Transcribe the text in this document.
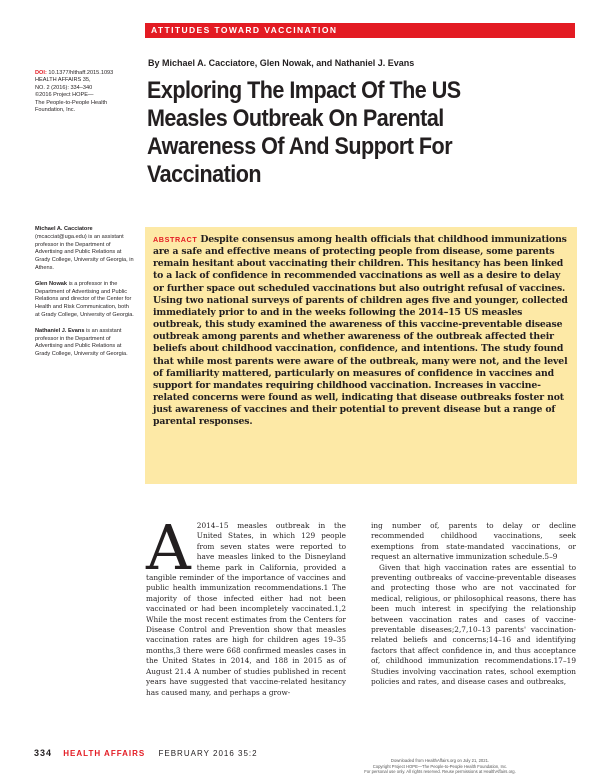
ATTITUDES TOWARD VACCINATION
DOI: 10.1377/hlthaff.2015.1093
HEALTH AFFAIRS 35,
NO. 2 (2016): 334–340
©2016 Project HOPE—
The People-to-People Health
Foundation, Inc.
By Michael A. Cacciatore, Glen Nowak, and Nathaniel J. Evans
Exploring The Impact Of The US
Measles Outbreak On Parental
Awareness Of And Support For
Vaccination
Michael A. Cacciatore (mcacciat@uga.edu) is an assistant professor in the Department of Advertising and Public Relations at Grady College, University of Georgia, in Athens.
Glen Nowak is a professor in the Department of Advertising and Public Relations and director of the Center for Health and Risk Communication, both at Grady College, University of Georgia.
Nathaniel J. Evans is an assistant professor in the Department of Advertising and Public Relations at Grady College, University of Georgia.

ABSTRACT Despite consensus among health officials that childhood immunizations are a safe and effective means of protecting people from disease, some parents remain hesitant about vaccinating their children. This hesitancy has been linked to a lack of confidence in recommended vaccinations as well as a desire to delay or further space out scheduled vaccinations but also outright refusal of vaccines. Using two national surveys of parents of children ages five and younger, collected immediately prior to and in the weeks following the 2014–15 US measles outbreak, this study examined the awareness of this vaccine-preventable disease outbreak among parents and whether awareness of the outbreak affected their beliefs about childhood vaccination, confidence, and intentions. The study found that while most parents were aware of the outbreak, many were not, and the level of familiarity mattered, particularly on measures of confidence in vaccines and support for mandates requiring childhood vaccination. Increases in vaccine-related concerns were found as well, indicating that disease outbreaks foster not just awareness of vaccines and their potential to prevent disease but a range of parental responses.

A 2014–15 measles outbreak in the United States, in which 129 people from seven states were reported to have measles linked to the Disneyland theme park in California, provided a tangible reminder of the importance of vaccines and public health immunization recommendations.1 The majority of those infected either had not been vaccinated or had been incompletely vaccinated.1,2 While the most recent estimates from the Centers for Disease Control and Prevention show that measles vaccination rates are high for children ages 19–35 months,3 there were 668 confirmed measles cases in the United States in 2014, and 188 in 2015 as of August 21.4 A number of studies published in recent years have suggested that vaccine-related hesitancy has caused many, and perhaps a grow-

ing number of, parents to delay or decline recommended childhood vaccinations, seek exemptions from state-mandated vaccinations, or request an alternative immunization schedule.5–9

Given that high vaccination rates are essential to preventing outbreaks of vaccine-preventable diseases and protecting those who are not vaccinated for medical, religious, or philosophical reasons, there has been much interest in specifying the relationship between vaccination rates and cases of vaccine-preventable diseases;2,7,10–13 parents' vaccination-related beliefs and concerns;14–16 and identifying factors that affect confidence in, and thus acceptance of, childhood immunization recommendations.17–19 Studies involving vaccination rates, school exemption policies and rates, and disease cases and outbreaks,

334 HEALTH AFFAIRS FEBRUARY 2016 35:2
Downloaded from HealthAffairs.org on July 21, 2021.
Copyright Project HOPE—The People-to-People Health Foundation, Inc.
For personal use only. All rights reserved. Reuse permissions at HealthAffairs.org.
